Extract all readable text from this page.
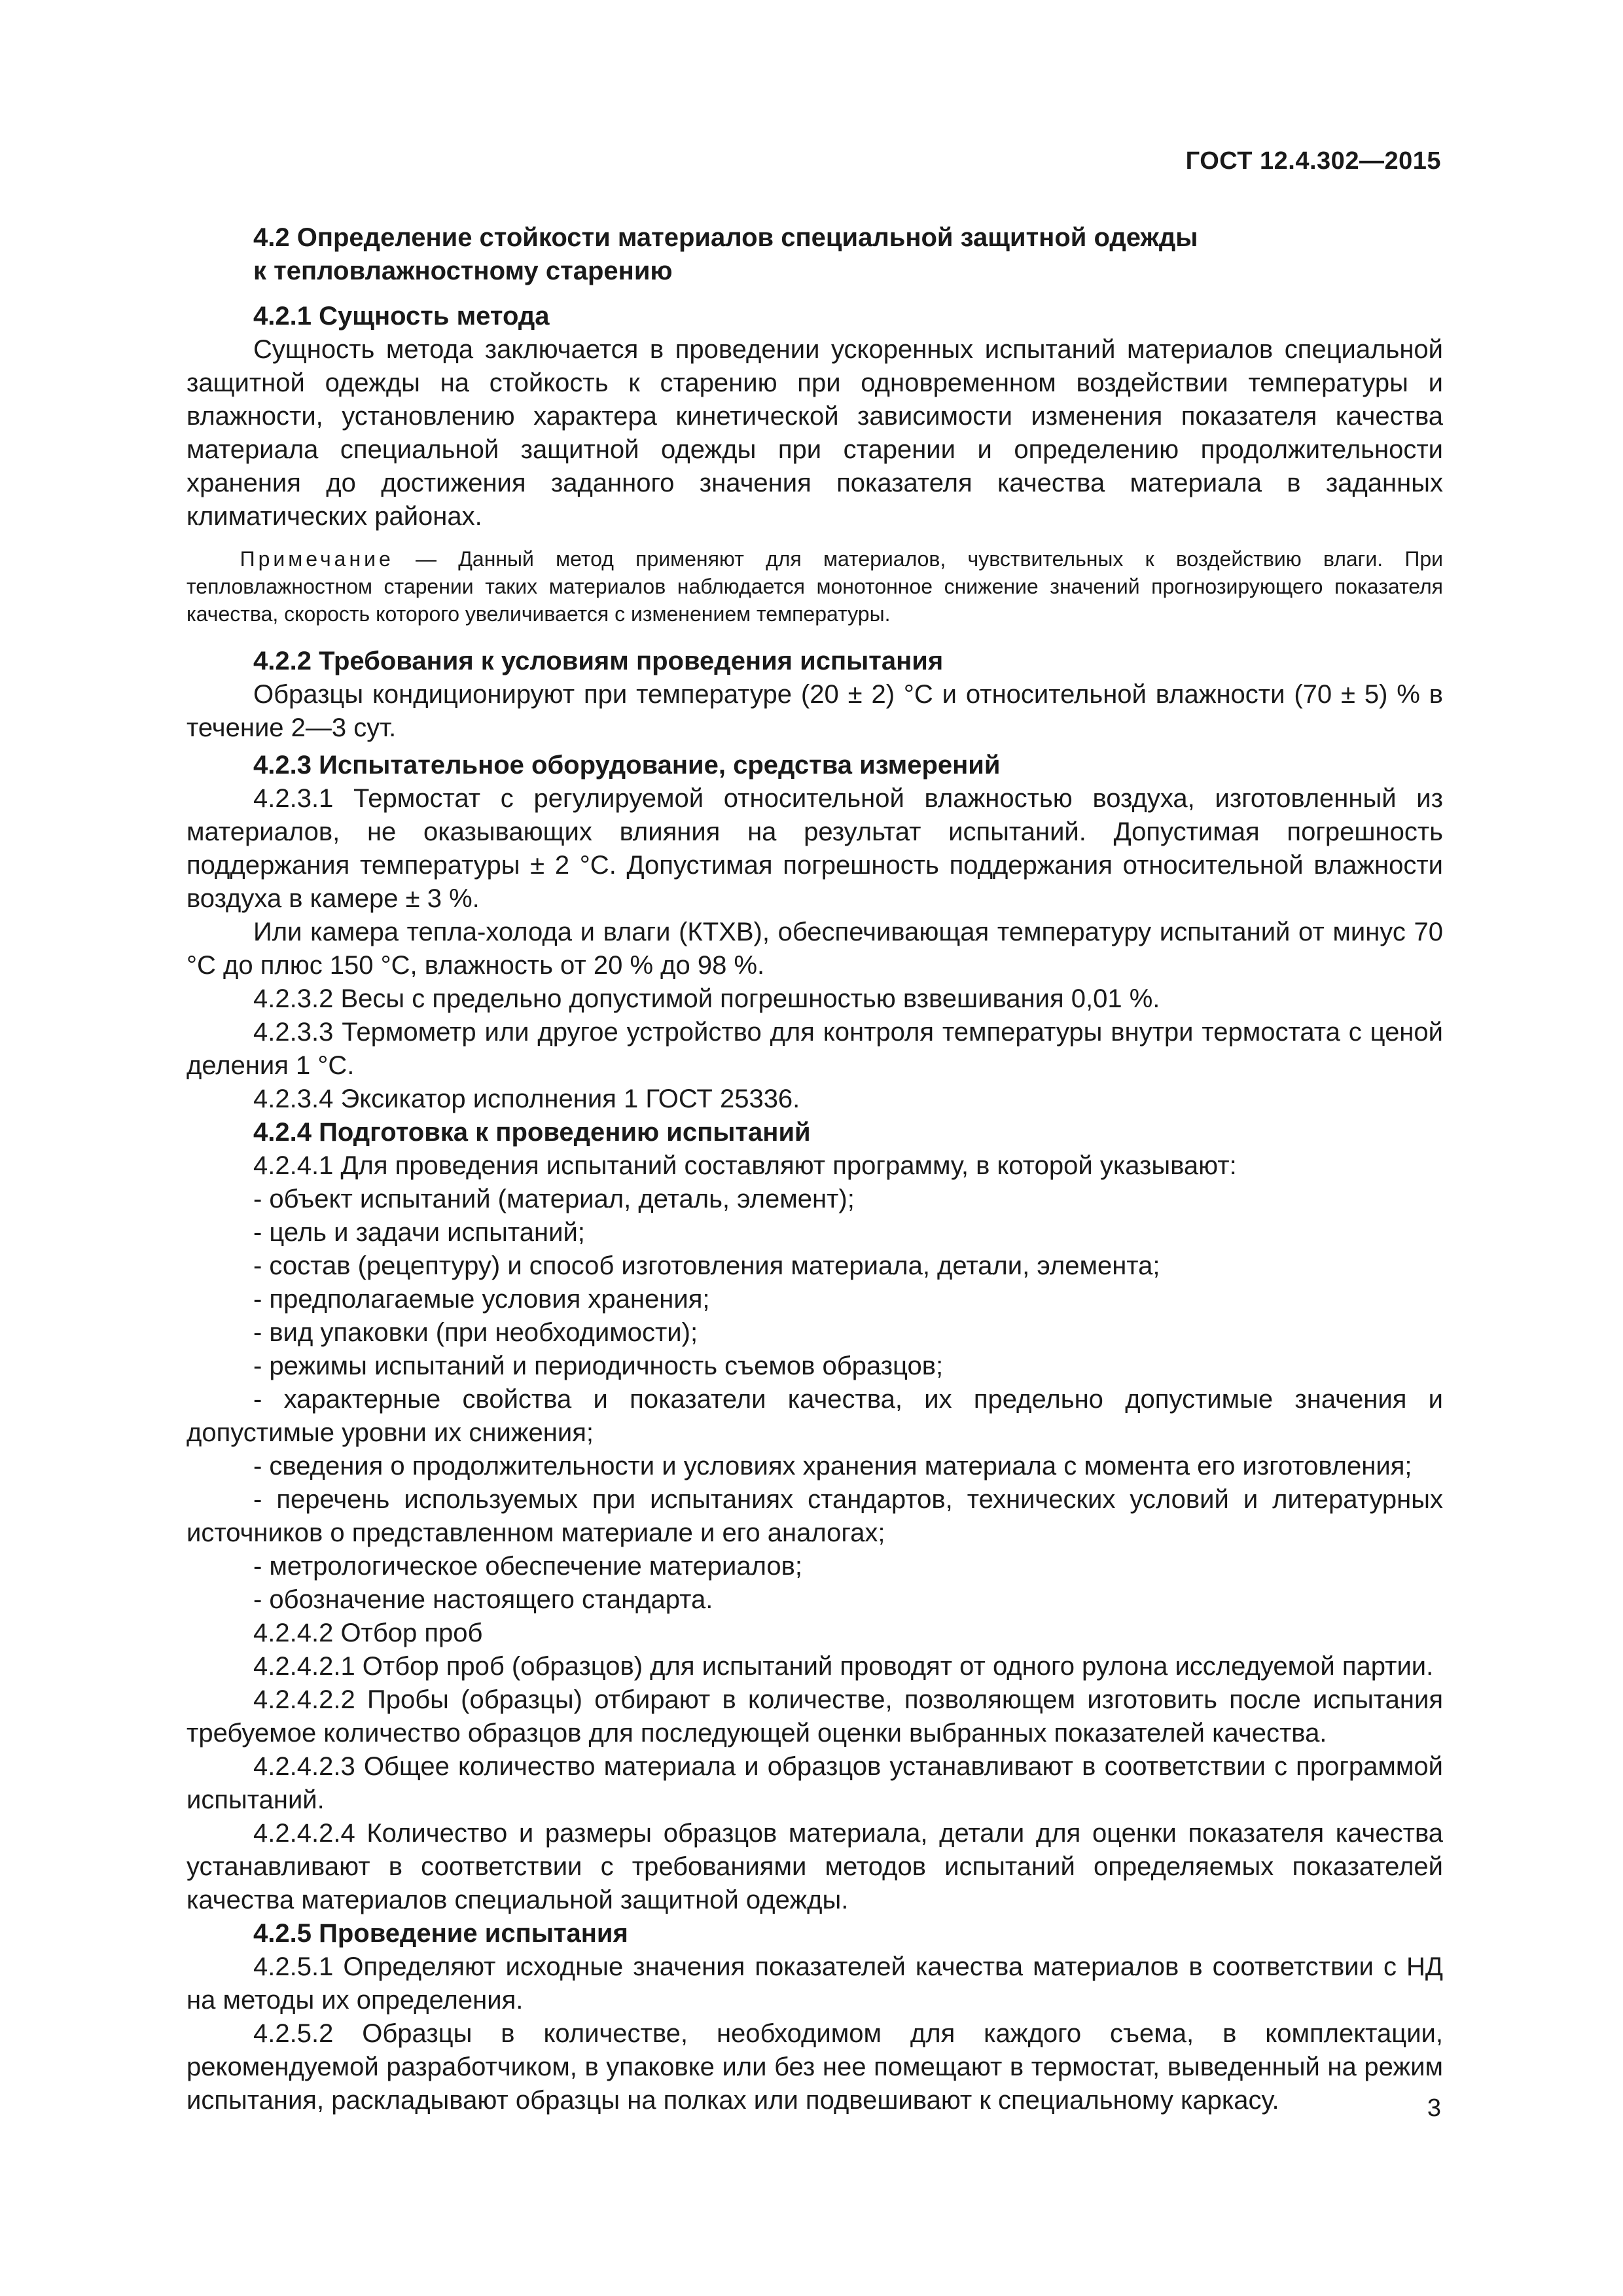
ГОСТ 12.4.302—2015

4.2 Определение стойкости материалов специальной защитной одежды

к тепловлажностному старению

4.2.1 Сущность метода

Сущность метода заключается в проведении ускоренных испытаний материалов специальной защитной одежды на стойкость к старению при одновременном воздействии температуры и влажности, установлению характера кинетической зависимости изменения показателя качества материала специальной защитной одежды при старении и определению продолжительности хранения до достижения заданного значения показателя качества материала в заданных климатических районах.

Примечание — Данный метод применяют для материалов, чувствительных к воздействию влаги. При тепловлажностном старении таких материалов наблюдается монотонное снижение значений прогнозирующего показателя качества, скорость которого увеличивается с изменением температуры.

4.2.2 Требования к условиям проведения испытания

Образцы кондиционируют при температуре (20 ± 2) °С и относительной влажности (70 ± 5) % в течение 2—3 сут.

4.2.3 Испытательное оборудование, средства измерений

4.2.3.1 Термостат с регулируемой относительной влажностью воздуха, изготовленный из материалов, не оказывающих влияния на результат испытаний. Допустимая погрешность поддержания температуры ± 2 °С. Допустимая погрешность поддержания относительной влажности воздуха в камере ± 3 %.

Или камера тепла-холода и влаги (КТХВ), обеспечивающая температуру испытаний от минус 70 °С до плюс 150 °С, влажность от 20 % до 98 %.

4.2.3.2 Весы с предельно допустимой погрешностью взвешивания 0,01 %.

4.2.3.3 Термометр или другое устройство для контроля температуры внутри термостата с ценой деления 1 °С.

4.2.3.4 Эксикатор исполнения 1 ГОСТ 25336.

4.2.4 Подготовка к проведению испытаний

4.2.4.1 Для проведения испытаний составляют программу, в которой указывают:

- объект испытаний (материал, деталь, элемент);

- цель и задачи испытаний;

- состав (рецептуру) и способ изготовления материала, детали, элемента;

- предполагаемые условия хранения;

- вид упаковки (при необходимости);

- режимы испытаний и периодичность съемов образцов;

- характерные свойства и показатели качества, их предельно допустимые значения и допустимые уровни их снижения;

- сведения о продолжительности и условиях хранения материала с момента его изготовления;

- перечень используемых при испытаниях стандартов, технических условий и литературных источников о представленном материале и его аналогах;

- метрологическое обеспечение материалов;

- обозначение настоящего стандарта.

4.2.4.2 Отбор проб

4.2.4.2.1 Отбор проб (образцов) для испытаний проводят от одного рулона исследуемой партии.

4.2.4.2.2 Пробы (образцы) отбирают в количестве, позволяющем изготовить после испытания требуемое количество образцов для последующей оценки выбранных показателей качества.

4.2.4.2.3 Общее количество материала и образцов устанавливают в соответствии с программой испытаний.

4.2.4.2.4 Количество и размеры образцов материала, детали для оценки показателя качества устанавливают в соответствии с требованиями методов испытаний определяемых показателей качества материалов специальной защитной одежды.

4.2.5 Проведение испытания

4.2.5.1 Определяют исходные значения показателей качества материалов в соответствии с НД на методы их определения.

4.2.5.2 Образцы в количестве, необходимом для каждого съема, в комплектации, рекомендуемой разработчиком, в упаковке или без нее помещают в термостат, выведенный на режим испытания, раскладывают образцы на полках или подвешивают к специальному каркасу.	3
